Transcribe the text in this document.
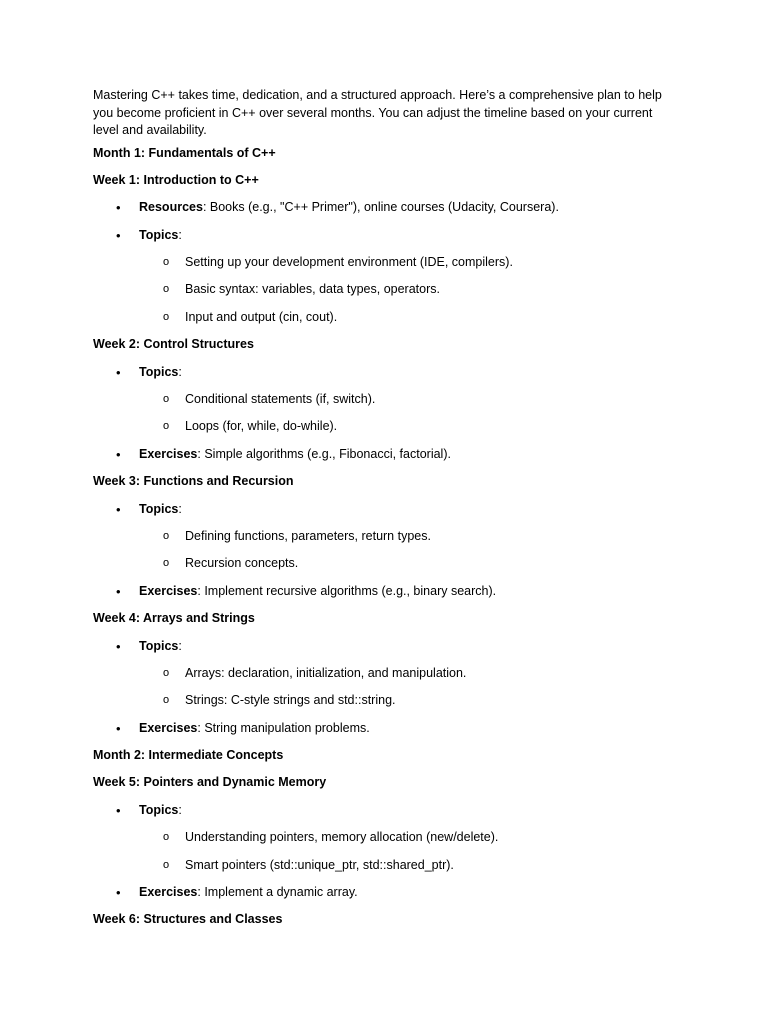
Mastering C++ takes time, dedication, and a structured approach. Here’s a comprehensive plan to help you become proficient in C++ over several months. You can adjust the timeline based on your current level and availability.

Month 1: Fundamentals of C++
Week 1: Introduction to C++
• Resources: Books (e.g., "C++ Primer"), online courses (Udacity, Coursera).
• Topics:
o Setting up your development environment (IDE, compilers).
o Basic syntax: variables, data types, operators.
o Input and output (cin, cout).
Week 2: Control Structures
• Topics:
o Conditional statements (if, switch).
o Loops (for, while, do-while).
• Exercises: Simple algorithms (e.g., Fibonacci, factorial).
Week 3: Functions and Recursion
• Topics:
o Defining functions, parameters, return types.
o Recursion concepts.
• Exercises: Implement recursive algorithms (e.g., binary search).
Week 4: Arrays and Strings
• Topics:
o Arrays: declaration, initialization, and manipulation.
o Strings: C-style strings and std::string.
• Exercises: String manipulation problems.
Month 2: Intermediate Concepts
Week 5: Pointers and Dynamic Memory
• Topics:
o Understanding pointers, memory allocation (new/delete).
o Smart pointers (std::unique_ptr, std::shared_ptr).
• Exercises: Implement a dynamic array.
Week 6: Structures and Classes
